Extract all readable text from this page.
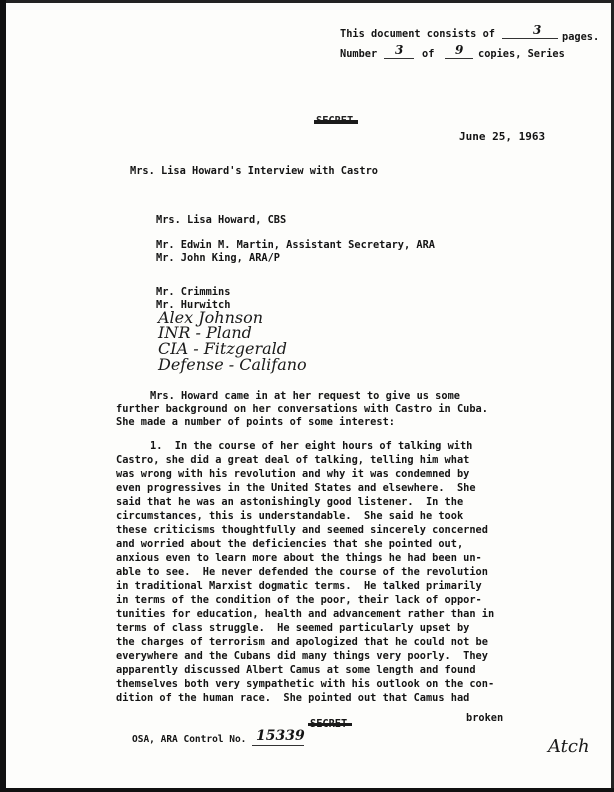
This document consists of	3 pages.
Number 3 of 9 copies, Series
June 25, 1963
Mrs. Lisa Howard's Interview with Castro
Mrs. Lisa Howard, CBS
Mr. Edwin M. Martin, Assistant Secretary, ARA
Mr. John King, ARA/P
Mr. Crimmins
Mr. Hurwitch
Alex Johnson
INR - Pland
CIA - Fitzgerald
Defense - Califano
Mrs. Howard came in at her request to give us some
further background on her conversations with Castro in Cuba.
She made a number of points of some interest:
1.  In the course of her eight hours of talking with
Castro, she did a great deal of talking, telling him what
was wrong with his revolution and why it was condemned by
even progressives in the United States and elsewhere.  She
said that he was an astonishingly good listener.  In the
circumstances, this is understandable.  She said he took
these criticisms thoughtfully and seemed sincerely concerned
and worried about the deficiencies that she pointed out,
anxious even to learn more about the things he had been un-
able to see.  He never defended the course of the revolution
in traditional Marxist dogmatic terms.  He talked primarily
in terms of the condition of the poor, their lack of oppor-
tunities for education, health and advancement rather than in
terms of class struggle.  He seemed particularly upset by
the charges of terrorism and apologized that he could not be
everywhere and the Cubans did many things very poorly.  They
apparently discussed Albert Camus at some length and found
themselves both very sympathetic with his outlook on the con-
dition of the human race.  She pointed out that Camus had
broken
OSA, ARA Control No. 15339	Atch
